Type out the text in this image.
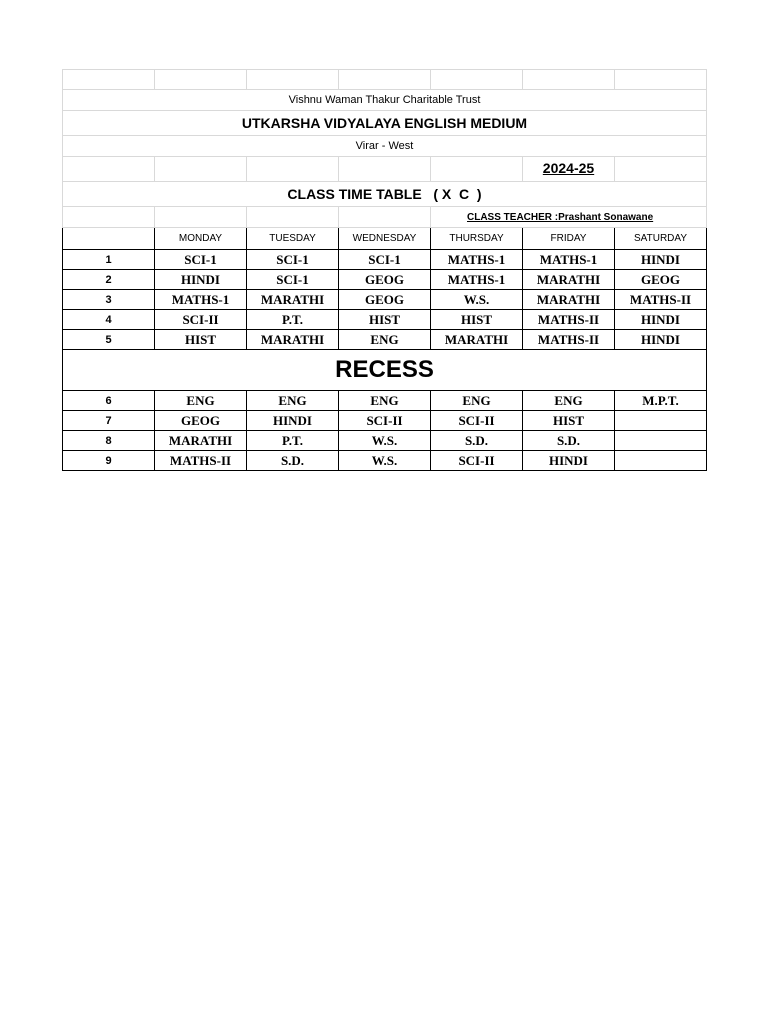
Vishnu Waman Thakur Charitable Trust						
UTKARSHA VIDYALAYA ENGLISH MEDIUM						
Virar - West						
					2024-25	
CLASS TIME TABLE   ( X  C  )						
				CLASS TEACHER :Prashant Sonawane		
	MONDAY	TUESDAY	WEDNESDAY	THURSDAY	FRIDAY	SATURDAY
1	SCI-1	SCI-1	SCI-1	MATHS-1	MATHS-1	HINDI
2	HINDI	SCI-1	GEOG	MATHS-1	MARATHI	GEOG
3	MATHS-1	MARATHI	GEOG	W.S.	MARATHI	MATHS-II
4	SCI-II	P.T.	HIST	HIST	MATHS-II	HINDI
5	HIST	MARATHI	ENG	MARATHI	MATHS-II	HINDI
RECESS						
6	ENG	ENG	ENG	ENG	ENG	M.P.T.
7	GEOG	HINDI	SCI-II	SCI-II	HIST	
8	MARATHI	P.T.	W.S.	S.D.	S.D.	
9	MATHS-II	S.D.	W.S.	SCI-II	HINDI	
